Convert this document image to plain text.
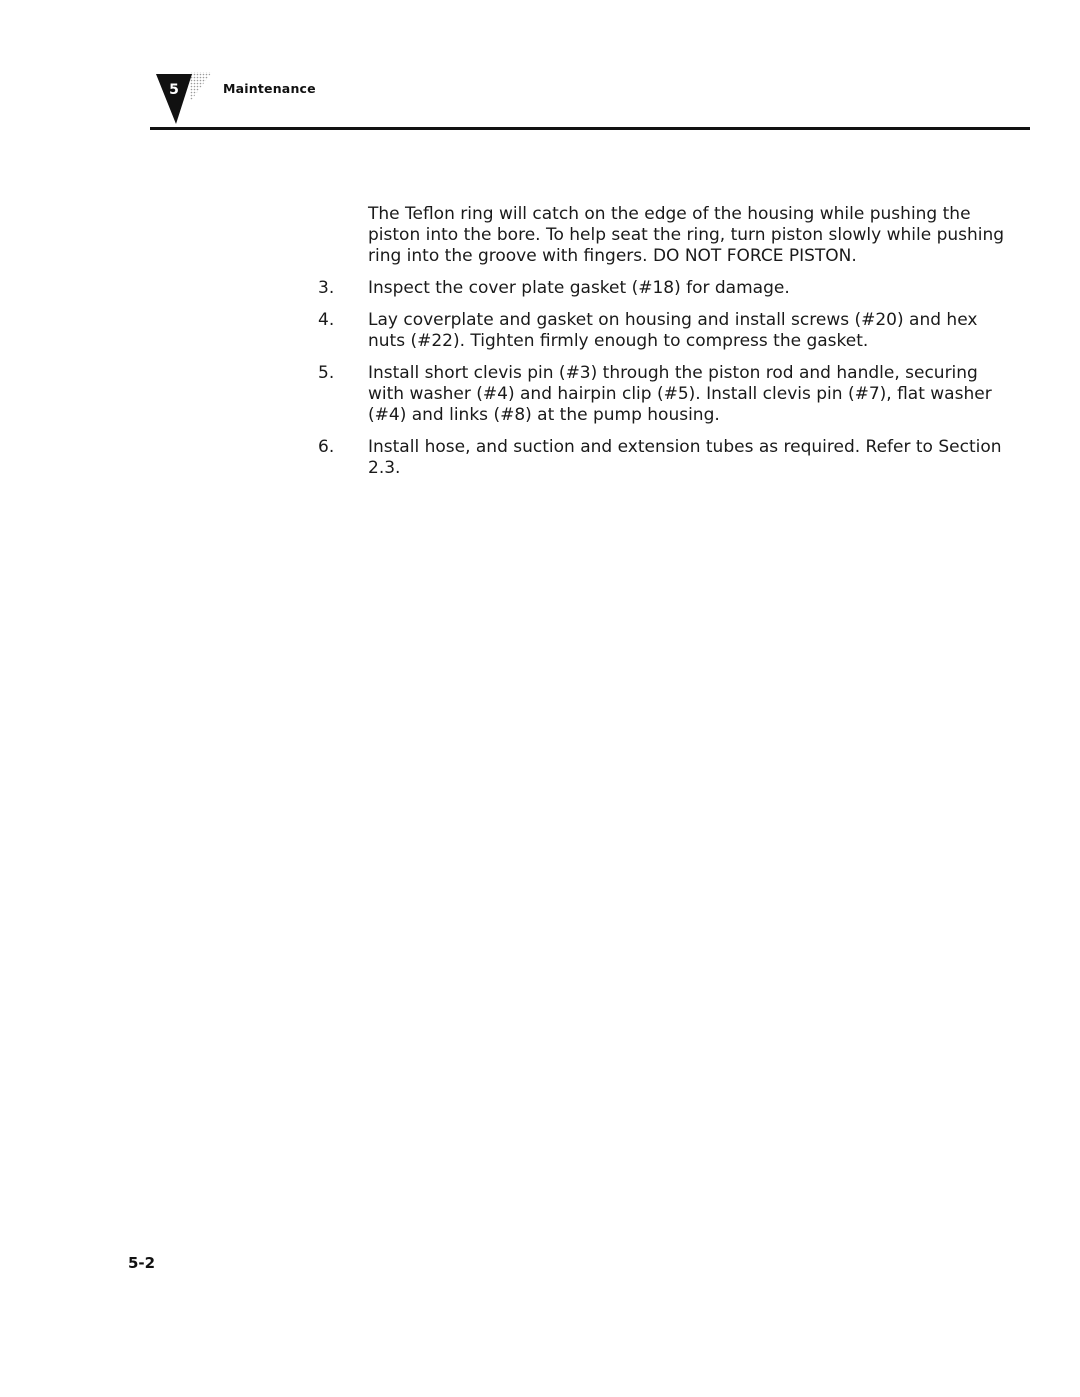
5	Maintenance

The Teflon ring will catch on the edge of the housing while pushing the piston into the bore. To help seat the ring, turn piston slowly while pushing ring into the groove with fingers. DO NOT FORCE PISTON.

3.	Inspect the cover plate gasket (#18) for damage.
4.	Lay coverplate and gasket on housing and install screws (#20) and hex nuts (#22). Tighten firmly enough to compress the gasket.
5.	Install short clevis pin (#3) through the piston rod and handle, securing with washer (#4) and hairpin clip (#5). Install clevis pin (#7), flat washer (#4) and links (#8) at the pump housing.
6.	Install hose, and suction and extension tubes as required. Refer to Section 2.3.
5-2
